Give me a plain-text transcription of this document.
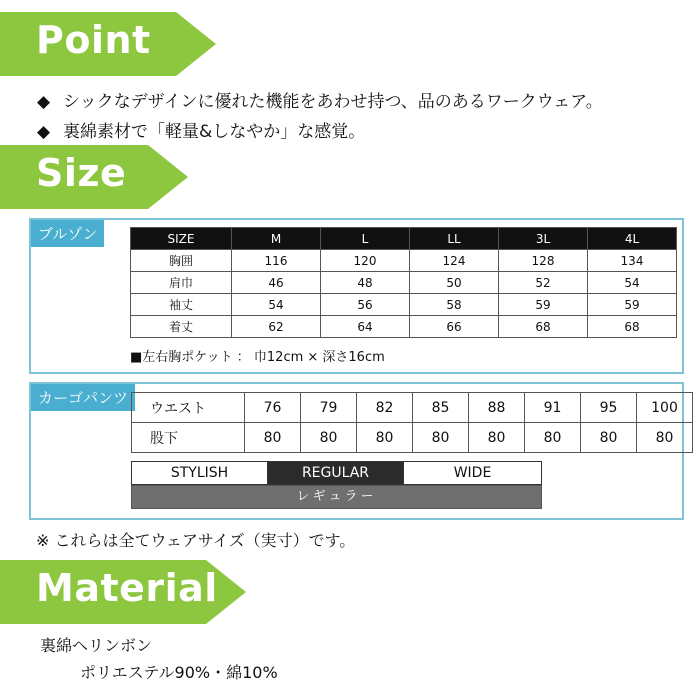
Point
◆ シックなデザインに優れた機能をあわせ持つ、品のあるワークウェア。
◆ 裏綿素材で「軽量&しなやか」な感覚。
Size
ブルゾン	SIZE	M	L	LL	3L	4L
胸囲	116	120	124	128	134
肩巾	46	48	50	52	54
袖丈	54	56	58	59	59
着丈	62	64	66	68	68
■左右胸ポケット ： 巾12cm × 深さ16cm
カーゴパンツ
ウエスト	76	79	82	85	88	91	95	100
股下	80	80	80	80	80	80	80	80
STYLISH	REGULAR	WIDE
レギュラー
※ これらは全てウェアサイズ（実寸）です。
Material
裏綿ヘリンボン
ポリエステル90%・綿10%
